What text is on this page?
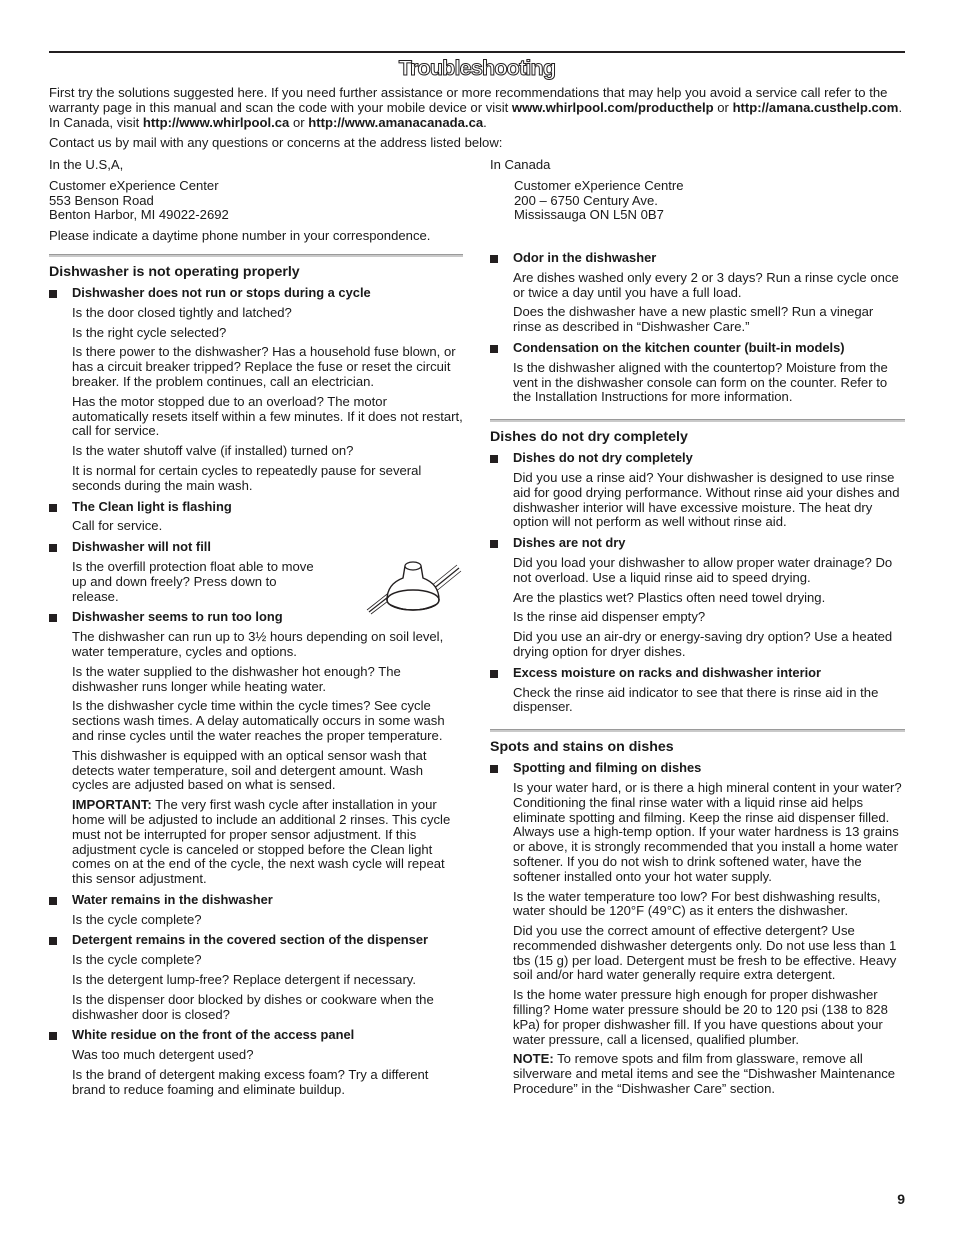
Troubleshooting

First try the solutions suggested here. If you need further assistance or more recommendations that may help you avoid a service call refer to the warranty page in this manual and scan the code with your mobile device or visit www.whirlpool.com/producthelp or http://amana.custhelp.com. In Canada, visit http://www.whirlpool.ca or http://www.amanacanada.ca.

Contact us by mail with any questions or concerns at the address listed below:

In the U.S,A,

Customer eXperience Center
553 Benson Road
Benton Harbor, MI 49022-2692

Please indicate a daytime phone number in your correspondence.

In Canada

Customer eXperience Centre
200 – 6750 Century Ave.
Mississauga ON L5N 0B7

Dishwasher is not operating properly
Dishwasher does not run or stops during a cycle

Is the door closed tightly and latched?

Is the right cycle selected?

Is there power to the dishwasher? Has a household fuse blown, or has a circuit breaker tripped? Replace the fuse or reset the circuit breaker. If the problem continues, call an electrician.

Has the motor stopped due to an overload? The motor automatically resets itself within a few minutes. If it does not restart, call for service.

Is the water shutoff valve (if installed) turned on?

It is normal for certain cycles to repeatedly pause for several seconds during the main wash.

The Clean light is flashing

Call for service.

Dishwasher will not fill

Is the overfill protection float able to move up and down freely? Press down to release.

Dishwasher seems to run too long

The dishwasher can run up to 3½ hours depending on soil level, water temperature, cycles and options.

Is the water supplied to the dishwasher hot enough? The dishwasher runs longer while heating water.

Is the dishwasher cycle time within the cycle times? See cycle sections wash times. A delay automatically occurs in some wash and rinse cycles until the water reaches the proper temperature.

This dishwasher is equipped with an optical sensor wash that detects water temperature, soil and detergent amount. Wash cycles are adjusted based on what is sensed.

IMPORTANT: The very first wash cycle after installation in your home will be adjusted to include an additional 2 rinses. This cycle must not be interrupted for proper sensor adjustment. If this adjustment cycle is canceled or stopped before the Clean light comes on at the end of the cycle, the next wash cycle will repeat this sensor adjustment.

Water remains in the dishwasher

Is the cycle complete?

Detergent remains in the covered section of the dispenser

Is the cycle complete?

Is the detergent lump-free? Replace detergent if necessary.

Is the dispenser door blocked by dishes or cookware when the dishwasher door is closed?

White residue on the front of the access panel

Was too much detergent used?

Is the brand of detergent making excess foam? Try a different brand to reduce foaming and eliminate buildup.

Odor in the dishwasher

Are dishes washed only every 2 or 3 days? Run a rinse cycle once or twice a day until you have a full load.

Does the dishwasher have a new plastic smell? Run a vinegar rinse as described in “Dishwasher Care.”

Condensation on the kitchen counter (built-in models)

Is the dishwasher aligned with the countertop? Moisture from the vent in the dishwasher console can form on the counter. Refer to the Installation Instructions for more information.

Dishes do not dry completely
Dishes do not dry completely

Did you use a rinse aid? Your dishwasher is designed to use rinse aid for good drying performance. Without rinse aid your dishes and dishwasher interior will have excessive moisture. The heat dry option will not perform as well without rinse aid.

Dishes are not dry

Did you load your dishwasher to allow proper water drainage? Do not overload. Use a liquid rinse aid to speed drying.

Are the plastics wet? Plastics often need towel drying.

Is the rinse aid dispenser empty?

Did you use an air-dry or energy-saving dry option? Use a heated drying option for dryer dishes.

Excess moisture on racks and dishwasher interior

Check the rinse aid indicator to see that there is rinse aid in the dispenser.

Spots and stains on dishes
Spotting and filming on dishes

Is your water hard, or is there a high mineral content in your water? Conditioning the final rinse water with a liquid rinse aid helps eliminate spotting and filming. Keep the rinse aid dispenser filled. Always use a high-temp option. If your water hardness is 13 grains or above, it is strongly recommended that you install a home water softener. If you do not wish to drink softened water, have the softener installed onto your hot water supply.

Is the water temperature too low? For best dishwashing results, water should be 120°F (49°C) as it enters the dishwasher.

Did you use the correct amount of effective detergent? Use recommended dishwasher detergents only. Do not use less than 1 tbs (15 g) per load. Detergent must be fresh to be effective. Heavy soil and/or hard water generally require extra detergent.

Is the home water pressure high enough for proper dishwasher filling? Home water pressure should be 20 to 120 psi (138 to 828 kPa) for proper dishwasher fill. If you have questions about your water pressure, call a licensed, qualified plumber.

NOTE: To remove spots and film from glassware, remove all silverware and metal items and see the “Dishwasher Maintenance Procedure” in the “Dishwasher Care” section.

9
